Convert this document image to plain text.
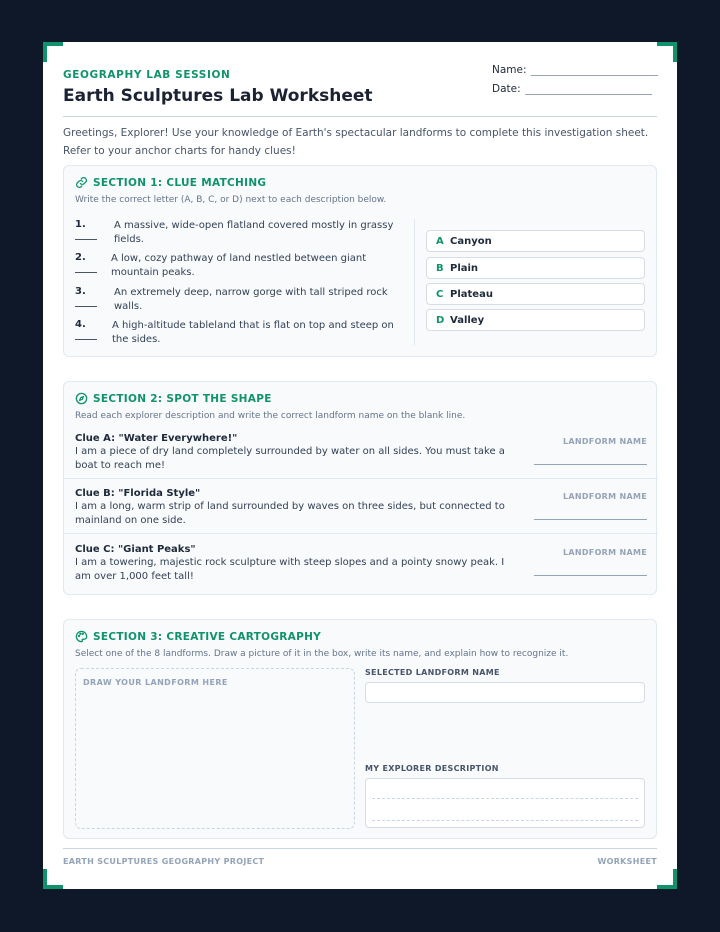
GEOGRAPHY LAB SESSION
Earth Sculptures Lab Worksheet
Name:
Date:
Greetings, Explorer! Use your knowledge of Earth's spectacular landforms to complete this investigation sheet. Refer to your anchor charts for handy clues!
SECTION 1: CLUE MATCHING
Write the correct letter (A, B, C, or D) next to each description below.
1.	A massive, wide-open flatland covered mostly in grassy fields.
2.	A low, cozy pathway of land nestled between giant mountain peaks.
3.	An extremely deep, narrow gorge with tall striped rock walls.
4.	A high-altitude tableland that is flat on top and steep on the sides.
A Canyon
B Plain
C Plateau
D Valley
SECTION 2: SPOT THE SHAPE
Read each explorer description and write the correct landform name on the blank line.
Clue A: "Water Everywhere!"
I am a piece of dry land completely surrounded by water on all sides. You must take a boat to reach me!
LANDFORM NAME
Clue B: "Florida Style"
I am a long, warm strip of land surrounded by waves on three sides, but connected to mainland on one side.
LANDFORM NAME
Clue C: "Giant Peaks"
I am a towering, majestic rock sculpture with steep slopes and a pointy snowy peak. I am over 1,000 feet tall!
LANDFORM NAME
SECTION 3: CREATIVE CARTOGRAPHY
Select one of the 8 landforms. Draw a picture of it in the box, write its name, and explain how to recognize it.
DRAW YOUR LANDFORM HERE
SELECTED LANDFORM NAME
MY EXPLORER DESCRIPTION
EARTH SCULPTURES GEOGRAPHY PROJECT	WORKSHEET
